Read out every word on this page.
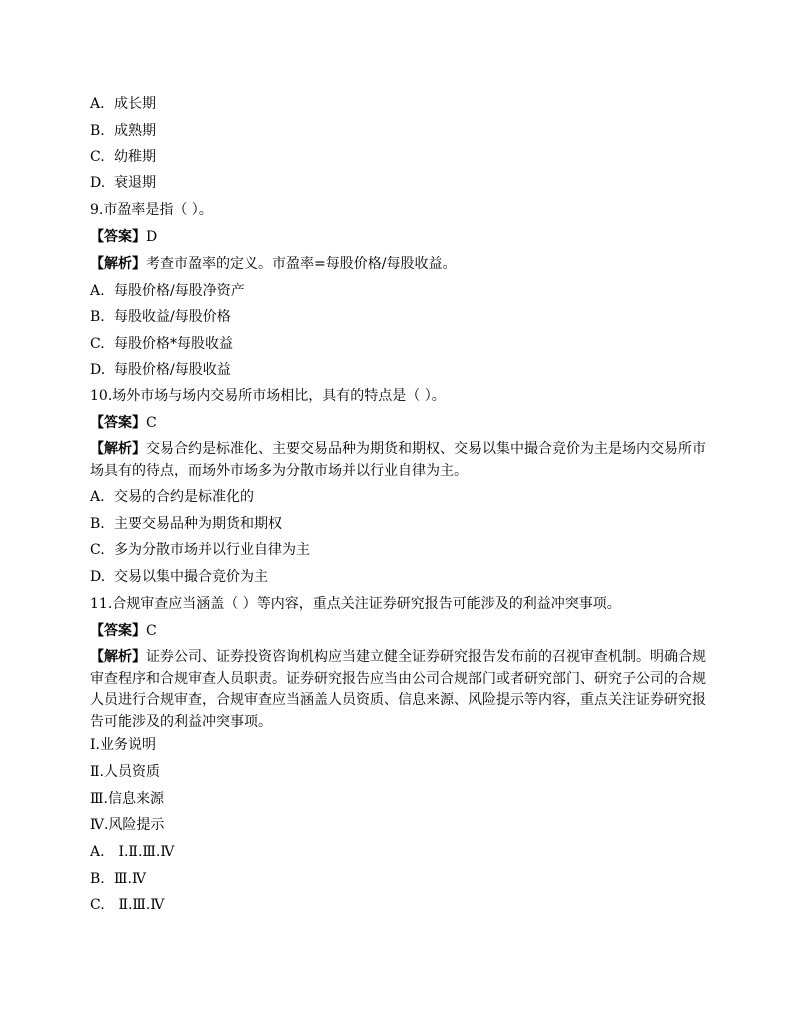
A. 成长期
B. 成熟期
C. 幼稚期
D. 衰退期
9.市盈率是指（ ）。
【答案】D
【解析】考查市盈率的定义。市盈率=每股价格/每股收益。
A. 每股价格/每股净资产
B. 每股收益/每股价格
C. 每股价格*每股收益
D. 每股价格/每股收益
10.场外市场与场内交易所市场相比，具有的特点是（ ）。
【答案】C
【解析】交易合约是标准化、主要交易品种为期货和期权、交易以集中撮合竞价为主是场内交易所市场具有的待点，而场外市场多为分散市场并以行业自律为主。
A. 交易的合约是标准化的
B. 主要交易品种为期货和期权
C. 多为分散市场并以行业自律为主
D. 交易以集中撮合竞价为主
11.合规审查应当涵盖（ ）等内容，重点关注证券研究报告可能涉及的利益冲突事项。
【答案】C
【解析】证券公司、证券投资咨询机构应当建立健全证券研究报告发布前的召视审查机制。明确合规审查程序和合规审查人员职责。证券研究报告应当由公司合规部门或者研究部门、研究子公司的合规人员进行合规审查，合规审查应当涵盖人员资质、信息来源、风险提示等内容，重点关注证券研究报告可能涉及的利益冲突事项。
Ⅰ.业务说明
Ⅱ.人员资质
Ⅲ.信息来源
Ⅳ.风险提示
A. Ⅰ.Ⅱ.Ⅲ.Ⅳ
B. Ⅲ.Ⅳ
C. Ⅱ.Ⅲ.Ⅳ
